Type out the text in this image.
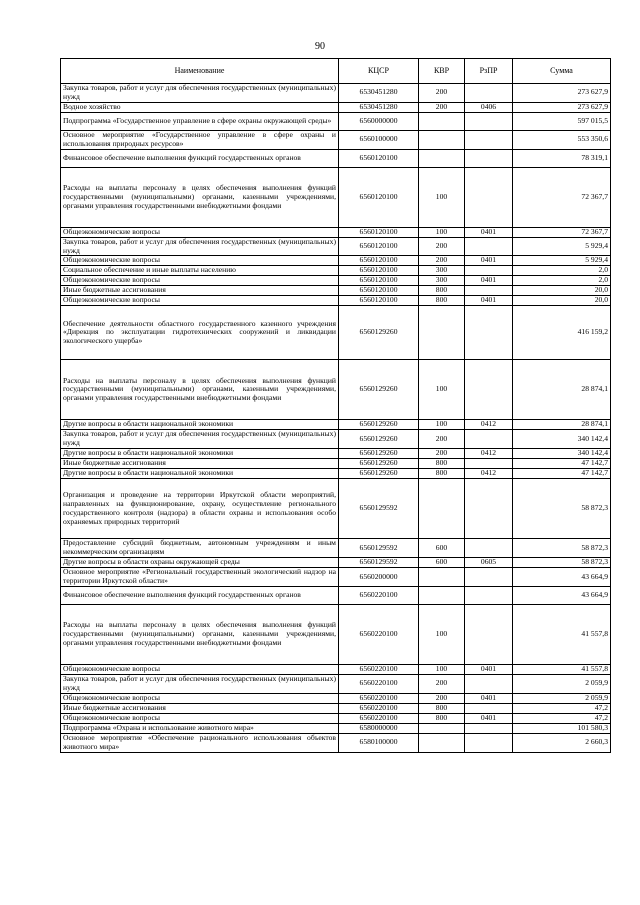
90
Наименование	КЦСР	КВР	РзПР	Сумма
Закупка товаров, работ и услуг для обеспечения государственных (муниципальных) нужд	6530451280	200		273 627,9
Водное хозяйство	6530451280	200	0406	273 627,9
Подпрограмма «Государственное управление в сфере охраны окружающей среды»	6560000000			597 015,5
Основное мероприятие «Государственное управление в сфере охраны и использования природных ресурсов»	6560100000			553 350,6
Финансовое обеспечение выполнения функций государственных органов	6560120100			78 319,1
Расходы на выплаты персоналу в целях обеспечения выполнения функций государственными (муниципальными) органами, казенными учреждениями, органами управления государственными внебюджетными фондами	6560120100	100		72 367,7
Общеэкономические вопросы	6560120100	100	0401	72 367,7
Закупка товаров, работ и услуг для обеспечения государственных (муниципальных) нужд	6560120100	200		5 929,4
Общеэкономические вопросы	6560120100	200	0401	5 929,4
Социальное обеспечение и иные выплаты населению	6560120100	300		2,0
Общеэкономические вопросы	6560120100	300	0401	2,0
Иные бюджетные ассигнования	6560120100	800		20,0
Общеэкономические вопросы	6560120100	800	0401	20,0
Обеспечение деятельности областного государственного казенного учреждения «Дирекция по эксплуатации гидротехнических сооружений и ликвидации экологического ущерба»	6560129260			416 159,2
Расходы на выплаты персоналу в целях обеспечения выполнения функций государственными (муниципальными) органами, казенными учреждениями, органами управления государственными внебюджетными фондами	6560129260	100		28 874,1
Другие вопросы в области национальной экономики	6560129260	100	0412	28 874,1
Закупка товаров, работ и услуг для обеспечения государственных (муниципальных) нужд	6560129260	200		340 142,4
Другие вопросы в области национальной экономики	6560129260	200	0412	340 142,4
Иные бюджетные ассигнования	6560129260	800		47 142,7
Другие вопросы в области национальной экономики	6560129260	800	0412	47 142,7
Организация и проведение на территории Иркутской области мероприятий, направленных на функционирование, охрану, осуществление регионального государственного контроля (надзора) в области охраны и использования особо охраняемых природных территорий	6560129592			58 872,3
Предоставление субсидий бюджетным, автономным учреждениям и иным некоммерческим организациям	6560129592	600		58 872,3
Другие вопросы в области охраны окружающей среды	6560129592	600	0605	58 872,3
Основное мероприятие «Региональный государственный экологический надзор на территории Иркутской области»	6560200000			43 664,9
Финансовое обеспечение выполнения функций государственных органов	6560220100			43 664,9
Расходы на выплаты персоналу в целях обеспечения выполнения функций государственными (муниципальными) органами, казенными учреждениями, органами управления государственными внебюджетными фондами	6560220100	100		41 557,8
Общеэкономические вопросы	6560220100	100	0401	41 557,8
Закупка товаров, работ и услуг для обеспечения государственных (муниципальных) нужд	6560220100	200		2 059,9
Общеэкономические вопросы	6560220100	200	0401	2 059,9
Иные бюджетные ассигнования	6560220100	800		47,2
Общеэкономические вопросы	6560220100	800	0401	47,2
Подпрограмма «Охрана и использование животного мира»	6580000000			101 580,3
Основное мероприятие «Обеспечение рационального использования объектов животного мира»	6580100000			2 660,3
